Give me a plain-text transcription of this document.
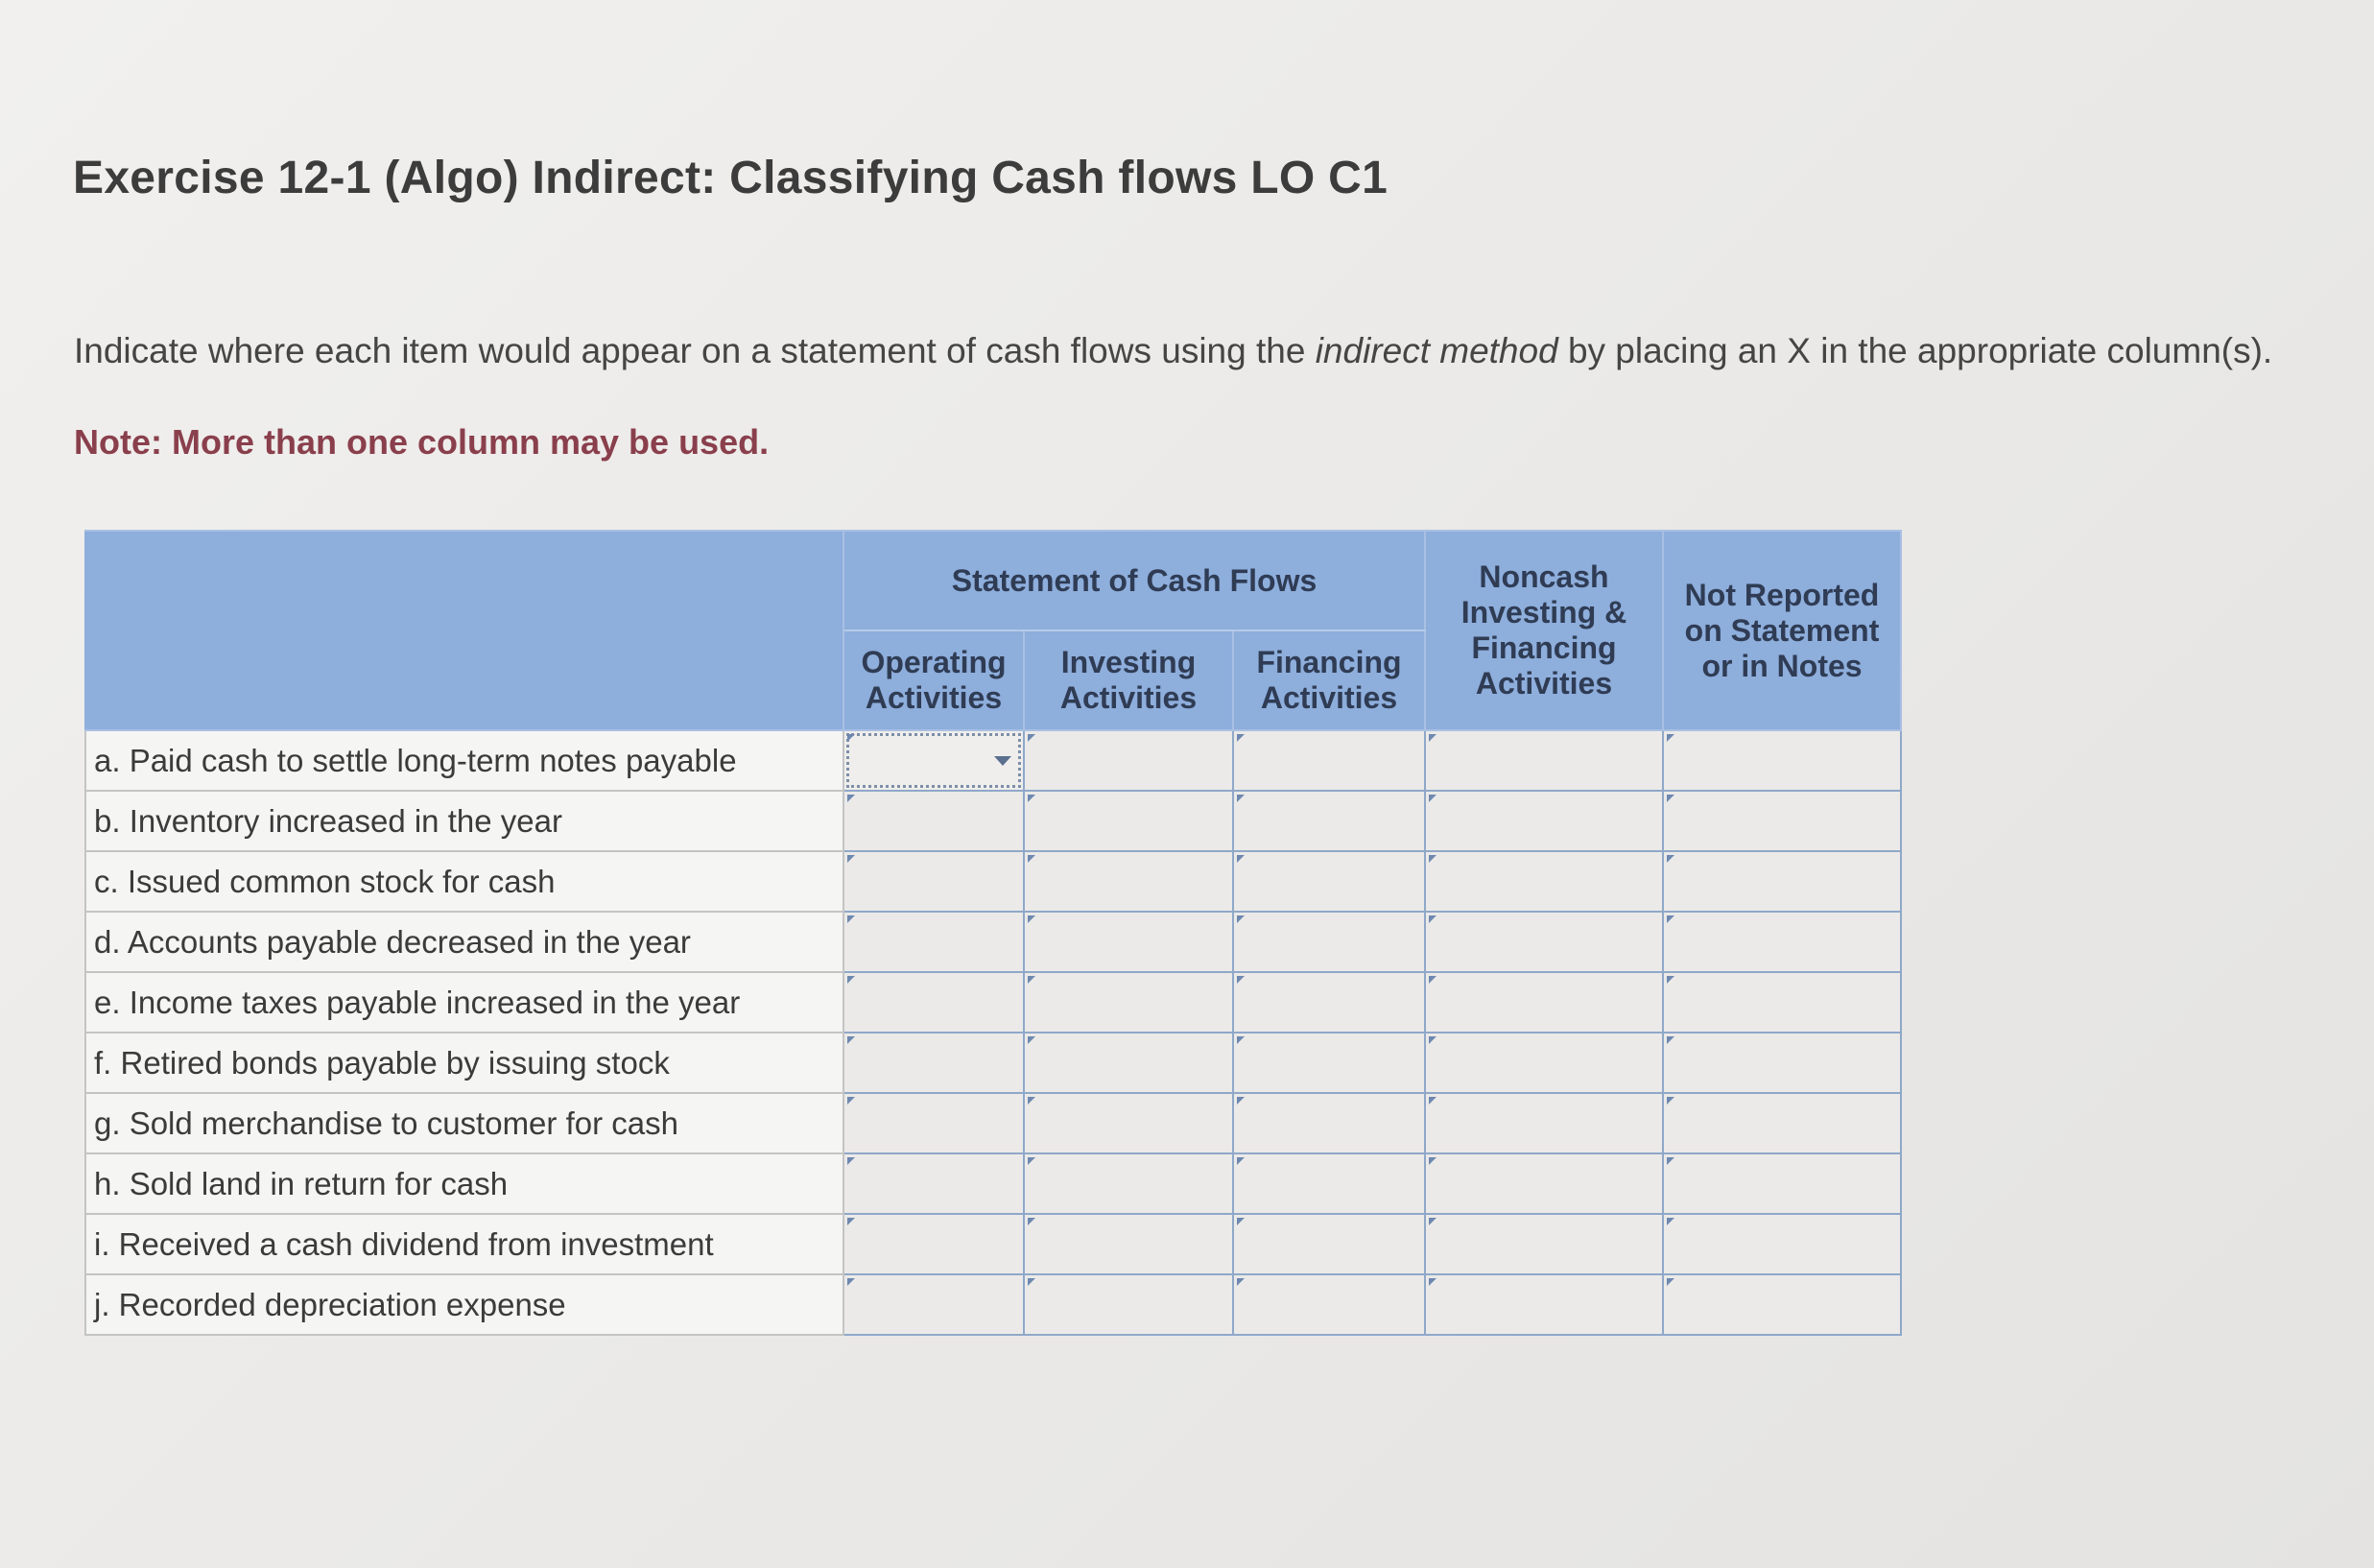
Exercise 12-1 (Algo) Indirect: Classifying Cash flows LO C1
Indicate where each item would appear on a statement of cash flows using the indirect method by placing an X in the appropriate column(s).
Note: More than one column may be used.
	Statement of Cash Flows			Noncash Investing & Financing Activities	Not Reported on Statement or in Notes

	Operating Activities	Investing Activities	Financing Activities		

a. Paid cash to settle long-term notes payable	

b. Inventory increased in the year	

c. Issued common stock for cash	

d. Accounts payable decreased in the year	

e. Income taxes payable increased in the year	

f. Retired bonds payable by issuing stock	

g. Sold merchandise to customer for cash	

h. Sold land in return for cash	

i. Received a cash dividend from investment	

j. Recorded depreciation expense	
